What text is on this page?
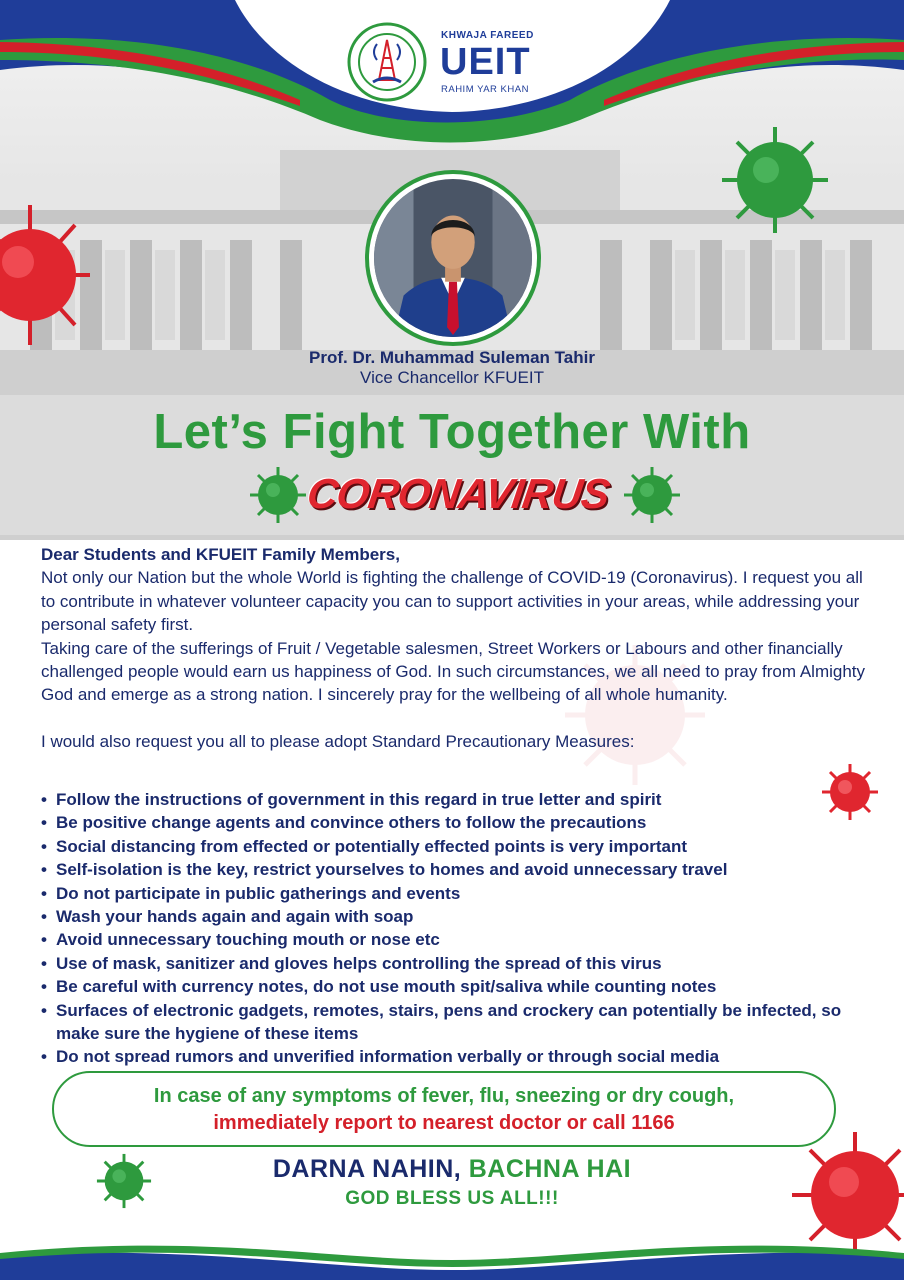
KHWAJA FAREED
UEIT
RAHIM YAR KHAN
Prof. Dr. Muhammad Suleman Tahir
Vice Chancellor KFUEIT
Let’s Fight Together With
CORONAVIRUS
Dear Students and KFUEIT Family Members,
Not only our Nation but the whole World is fighting the challenge of COVID-19 (Coronavirus). I request you all to contribute in whatever volunteer capacity you can to support activities in your areas, while addressing your personal safety first.
Taking care of the sufferings of Fruit / Vegetable salesmen, Street Workers or Labours and other financially challenged people would earn us happiness of God. In such circumstances, we all need to pray from Almighty God and emerge as a strong nation. I sincerely pray for the wellbeing of all whole humanity.
I would also request you all to please adopt Standard Precautionary Measures:
• Follow the instructions of government in this regard in true letter and spirit
• Be positive change agents and convince others to follow the precautions
• Social distancing from effected or potentially effected points is very important
• Self-isolation is the key, restrict yourselves to homes and avoid unnecessary travel
• Do not participate in public gatherings and events
• Wash your hands again and again with soap
• Avoid unnecessary touching mouth or nose etc
• Use of mask, sanitizer and gloves helps controlling the spread of this virus
• Be careful with currency notes, do not use mouth spit/saliva while counting notes
• Surfaces of electronic gadgets, remotes, stairs, pens and crockery can potentially be infected, so make sure the hygiene of these items
• Do not spread rumors and unverified information verbally or through social media
In case of any symptoms of fever, flu, sneezing or dry cough,
immediately report to nearest doctor or call 1166
DARNA NAHIN, BACHNA HAI
GOD BLESS US ALL!!!
